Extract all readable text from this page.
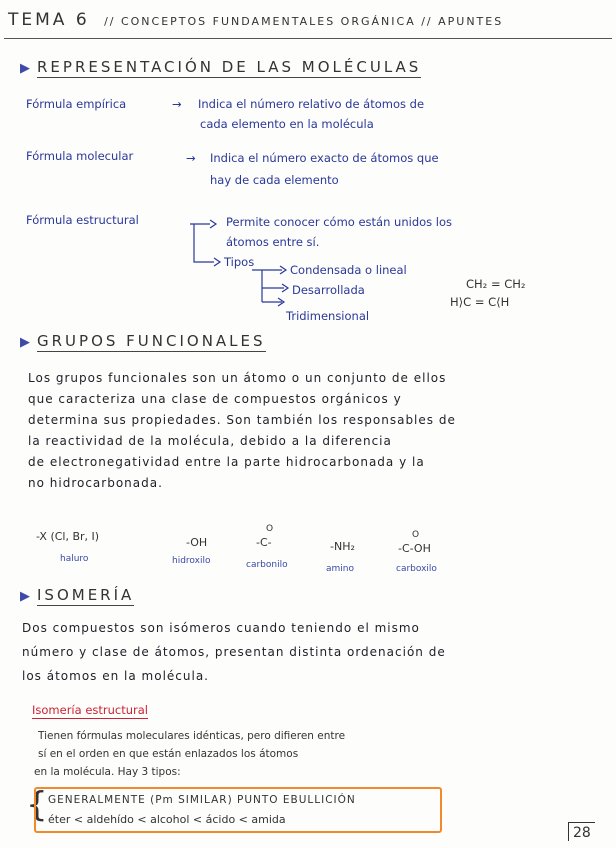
TEMA 6 // CONCEPTOS FUNDAMENTALES ORGÁNICA // APUNTES
▶ REPRESENTACIÓN DE LAS MOLÉCULAS
Fórmula empírica	→ Indica el número relativo de átomos de
cada elemento en la molécula
Fórmula molecular	→ Indica el número exacto de átomos que
hay de cada elemento
Fórmula estructural	Permite conocer cómo están unidos los
átomos entre sí.
Tipos
Condensada o lineal
Desarrollada
Tridimensional
CH₂ = CH₂
H⟩C = C⟨H
▶ GRUPOS FUNCIONALES
Los grupos funcionales son un átomo o un conjunto de ellos
que caracteriza una clase de compuestos orgánicos y
determina sus propiedades. Son también los responsables de
la reactividad de la molécula, debido a la diferencia
de electronegatividad entre la parte hidrocarbonada y la
no hidrocarbonada.
-X (Cl, Br, I)
haluro
-OH
hidroxilo
O
-C-
carbonilo
-NH₂
amino
O
-C-OH
carboxilo
▶ ISOMERÍA
Dos compuestos son isómeros cuando teniendo el mismo
número y clase de átomos, presentan distinta ordenación de
los átomos en la molécula.
Isomería estructural
Tienen fórmulas moleculares idénticas, pero difieren entre
sí en el orden en que están enlazados los átomos
en la molécula. Hay 3 tipos:
{ GENERALMENTE (Pm SIMILAR) PUNTO EBULLICIÓN
éter < aldehído < alcohol < ácido < amida
28
